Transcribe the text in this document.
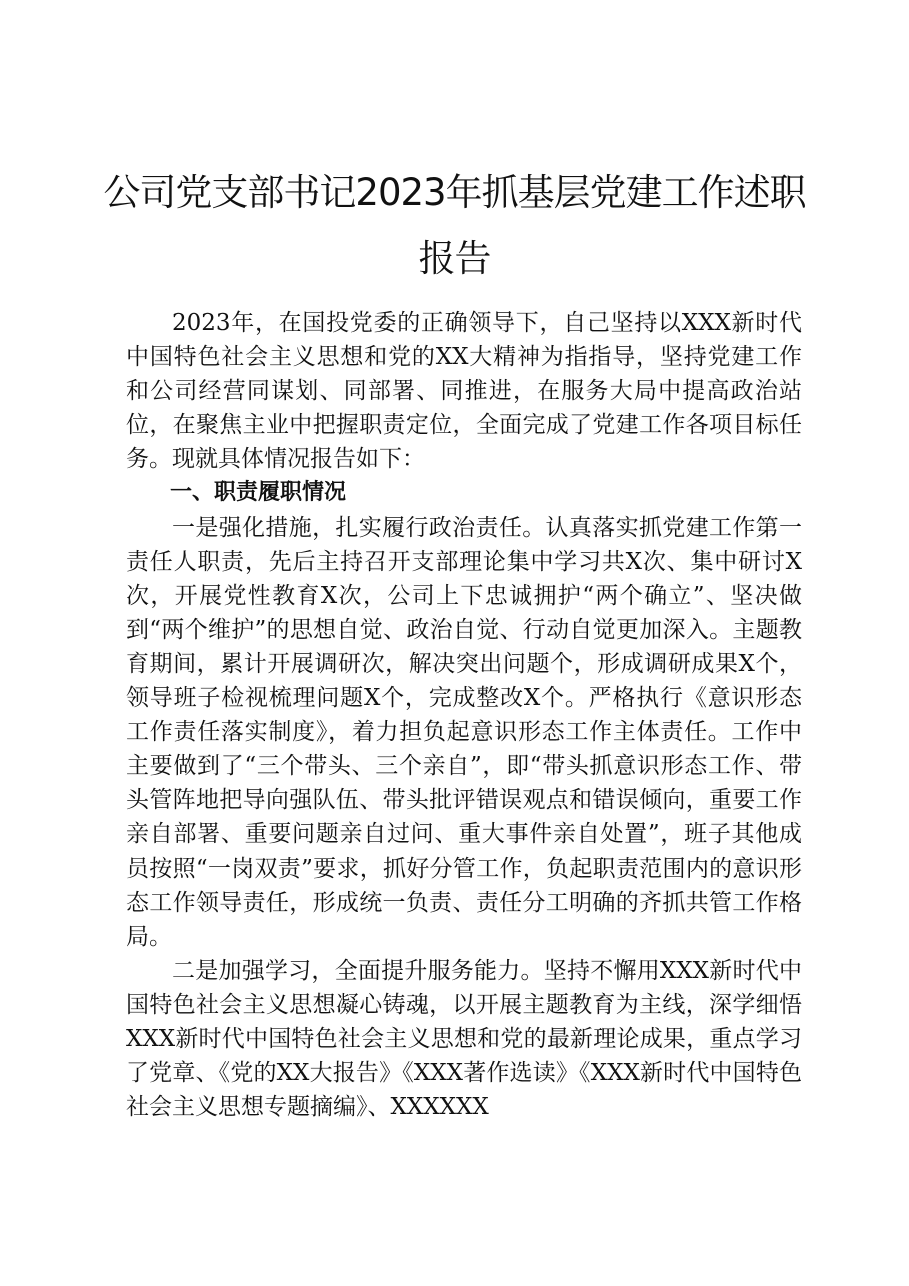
公司党支部书记2023年抓基层党建工作述职
报告

2023年，在国投党委的正确领导下，自己坚持以XXX新时代中国特色社会主义思想和党的XX大精神为指指导，坚持党建工作和公司经营同谋划、同部署、同推进，在服务大局中提高政治站位，在聚焦主业中把握职责定位，全面完成了党建工作各项目标任务。现就具体情况报告如下：

一、职责履职情况

一是强化措施，扎实履行政治责任。认真落实抓党建工作第一责任人职责，先后主持召开支部理论集中学习共X次、集中研讨X次，开展党性教育X次，公司上下忠诚拥护“两个确立”、坚决做到“两个维护”的思想自觉、政治自觉、行动自觉更加深入。主题教育期间，累计开展调研次，解决突出问题个，形成调研成果X个，领导班子检视梳理问题X个，完成整改X个。严格执行《意识形态工作责任落实制度》，着力担负起意识形态工作主体责任。工作中主要做到了“三个带头、三个亲自”，即“带头抓意识形态工作、带头管阵地把导向强队伍、带头批评错误观点和错误倾向，重要工作亲自部署、重要问题亲自过问、重大事件亲自处置”，班子其他成员按照“一岗双责”要求，抓好分管工作，负起职责范围内的意识形态工作领导责任，形成统一负责、责任分工明确的齐抓共管工作格局。

二是加强学习，全面提升服务能力。坚持不懈用XXX新时代中国特色社会主义思想凝心铸魂，以开展主题教育为主线，深学细悟XXX新时代中国特色社会主义思想和党的最新理论成果，重点学习了党章、《党的XX大报告》《XXX著作选读》《XXX新时代中国特色社会主义思想专题摘编》、XXXXXX
